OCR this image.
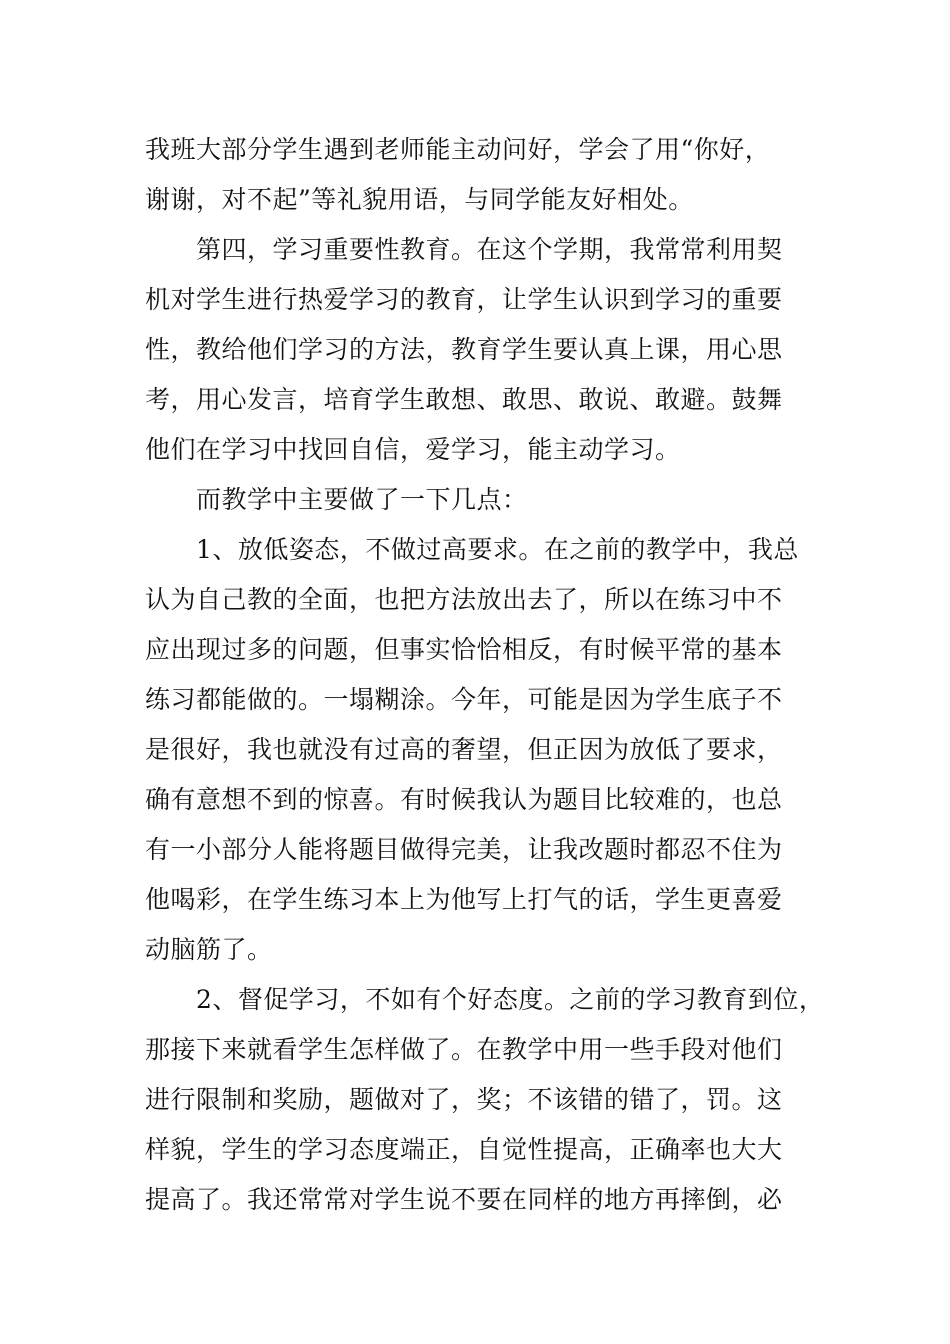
我班大部分学生遇到老师能主动问好，学会了用“你好，
谢谢，对不起”等礼貌用语，与同学能友好相处。
　　第四，学习重要性教育。在这个学期，我常常利用契
机对学生进行热爱学习的教育，让学生认识到学习的重要
性，教给他们学习的方法，教育学生要认真上课，用心思
考，用心发言，培育学生敢想、敢思、敢说、敢避。鼓舞
他们在学习中找回自信，爱学习，能主动学习。
　　而教学中主要做了一下几点：
　　1、放低姿态，不做过高要求。在之前的教学中，我总
认为自己教的全面，也把方法放出去了，所以在练习中不
应出现过多的问题，但事实恰恰相反，有时候平常的基本
练习都能做的。一塌糊涂。今年，可能是因为学生底子不
是很好，我也就没有过高的奢望，但正因为放低了要求，
确有意想不到的惊喜。有时候我认为题目比较难的，也总
有一小部分人能将题目做得完美，让我改题时都忍不住为
他喝彩，在学生练习本上为他写上打气的话，学生更喜爱
动脑筋了。
　　2、督促学习，不如有个好态度。之前的学习教育到位，
那接下来就看学生怎样做了。在教学中用一些手段对他们
进行限制和奖励，题做对了，奖；不该错的错了，罚。这
样貌，学生的学习态度端正，自觉性提高，正确率也大大
提高了。我还常常对学生说不要在同样的地方再摔倒，必
